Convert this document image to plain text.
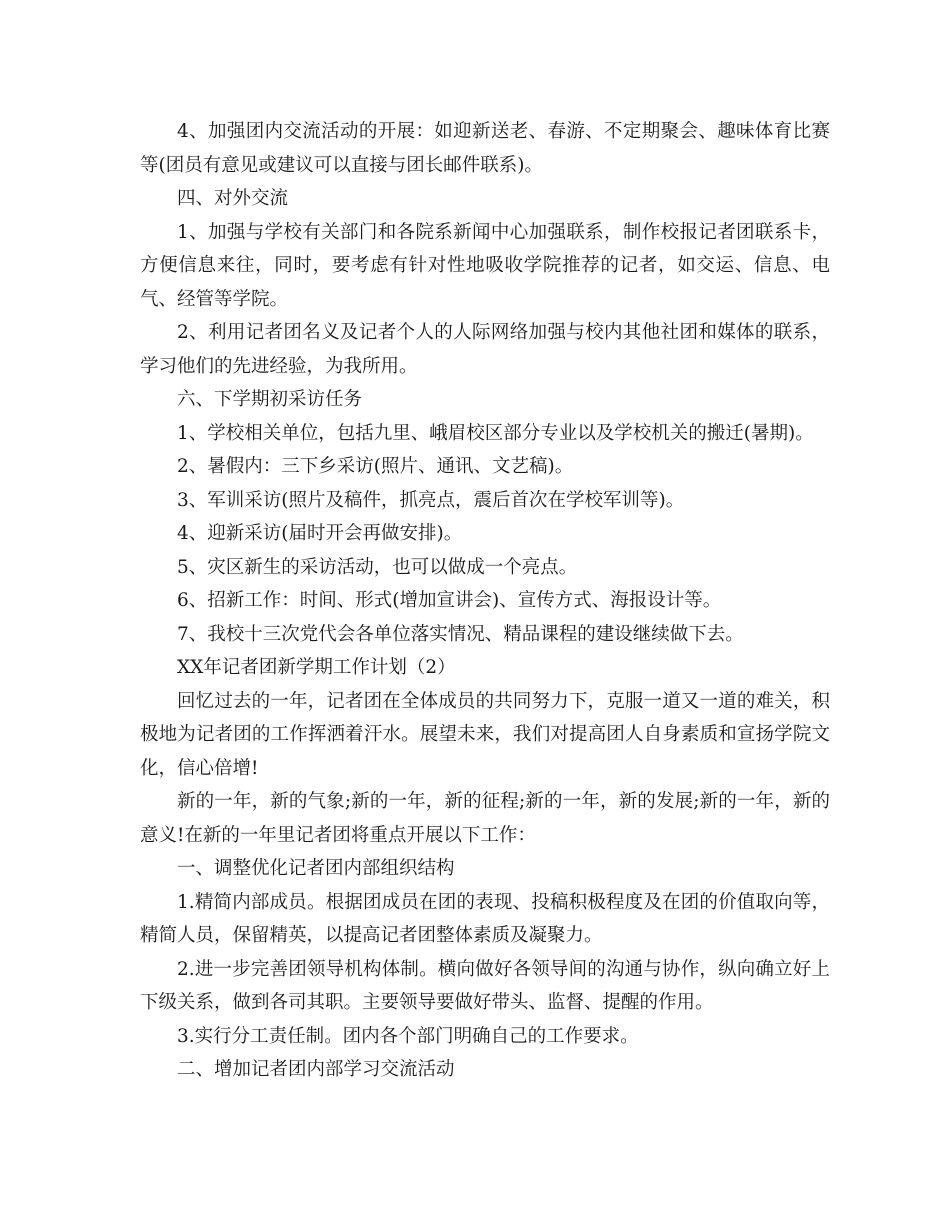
4、加强团内交流活动的开展：如迎新送老、春游、不定期聚会、趣味体育比赛等(团员有意见或建议可以直接与团长邮件联系)。

四、对外交流

1、加强与学校有关部门和各院系新闻中心加强联系，制作校报记者团联系卡，方便信息来往，同时，要考虑有针对性地吸收学院推荐的记者，如交运、信息、电气、经管等学院。

2、利用记者团名义及记者个人的人际网络加强与校内其他社团和媒体的联系，学习他们的先进经验，为我所用。

六、下学期初采访任务

1、学校相关单位，包括九里、峨眉校区部分专业以及学校机关的搬迁(暑期)。

2、暑假内：三下乡采访(照片、通讯、文艺稿)。

3、军训采访(照片及稿件，抓亮点，震后首次在学校军训等)。

4、迎新采访(届时开会再做安排)。

5、灾区新生的采访活动，也可以做成一个亮点。

6、招新工作：时间、形式(增加宣讲会)、宣传方式、海报设计等。

7、我校十三次党代会各单位落实情况、精品课程的建设继续做下去。

XX年记者团新学期工作计划（2）

回忆过去的一年，记者团在全体成员的共同努力下，克服一道又一道的难关，积极地为记者团的工作挥洒着汗水。展望未来，我们对提高团人自身素质和宣扬学院文化，信心倍增!

新的一年，新的气象;新的一年，新的征程;新的一年，新的发展;新的一年，新的意义!在新的一年里记者团将重点开展以下工作：

一、调整优化记者团内部组织结构

1.精简内部成员。根据团成员在团的表现、投稿积极程度及在团的价值取向等，精简人员，保留精英，以提高记者团整体素质及凝聚力。

2.进一步完善团领导机构体制。横向做好各领导间的沟通与协作，纵向确立好上下级关系，做到各司其职。主要领导要做好带头、监督、提醒的作用。

3.实行分工责任制。团内各个部门明确自己的工作要求。

二、增加记者团内部学习交流活动
